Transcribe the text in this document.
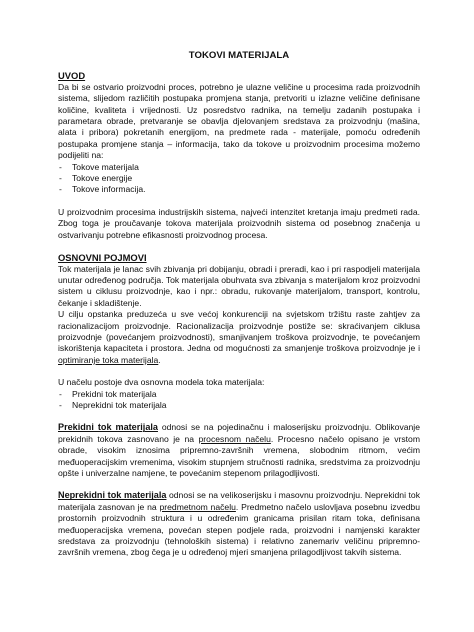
TOKOVI MATERIJALA
UVOD

Da bi se ostvario proizvodni proces, potrebno je ulazne veličine u procesima rada proizvodnih sistema, slijedom različitih postupaka promjena stanja, pretvoriti u izlazne veličine definisane količine, kvaliteta i vrijednosti. Uz posredstvo radnika, na temelju zadanih postupaka i parametara obrade, pretvaranje se obavlja djelovanjem sredstava za proizvodnju (mašina, alata i pribora) pokretanih energijom, na predmete rada - materijale, pomoću određenih postupaka promjene stanja – informacija, tako da tokove u proizvodnim procesima možemo podijeliti na:

- Tokove materijala
- Tokove energije
- Tokove informacija.

U proizvodnim procesima industrijskih sistema, najveći intenzitet kretanja imaju predmeti rada. Zbog toga je proučavanje tokova materijala proizvodnih sistema od posebnog značenja u ostvarivanju potrebne efikasnosti proizvodnog procesa.

OSNOVNI POJMOVI

Tok materijala je lanac svih zbivanja pri dobijanju, obradi i preradi, kao i pri raspodjeli materijala unutar određenog područja. Tok materijala obuhvata sva zbivanja s materijalom kroz proizvodni sistem u ciklusu proizvodnje, kao i npr.: obradu, rukovanje materijalom, transport, kontrolu, čekanje i skladištenje.

U cilju opstanka preduzeća u sve većoj konkurenciji na svjetskom tržištu raste zahtjev za racionalizacijom proizvodnje. Racionalizacija proizvodnje postiže se: skraćivanjem ciklusa proizvodnje (povećanjem proizvodnosti), smanjivanjem troškova proizvodnje, te povećanjem iskorištenja kapaciteta i prostora. Jedna od mogućnosti za smanjenje troškova proizvodnje je i optimiranje toka materijala.

U načelu postoje dva osnovna modela toka materijala:

- Prekidni tok materijala
- Neprekidni tok materijala

Prekidni tok materijala odnosi se na pojedinačnu i maloserijsku proizvodnju. Oblikovanje prekidnih tokova zasnovano je na procesnom načelu. Procesno načelo opisano je vrstom obrade, visokim iznosima pripremno-završnih vremena, slobodnim ritmom, većim međuoperacijskim vremenima, visokim stupnjem stručnosti radnika, sredstvima za proizvodnju opšte i univerzalne namjene, te povećanim stepenom prilagodljivosti.

Neprekidni tok materijala odnosi se na velikoserijsku i masovnu proizvodnju. Neprekidni tok materijala zasnovan je na predmetnom načelu. Predmetno načelo uslovljava posebnu izvedbu prostornih proizvodnih struktura i u određenim granicama prisilan ritam toka, definisana međuoperacijska vremena, povećan stepen podjele rada, proizvodni i namjenski karakter sredstava za proizvodnju (tehnoloških sistema) i relativno zanemariv veličinu pripremno-završnih vremena, zbog čega je u određenoj mjeri smanjena prilagodljivost takvih sistema.
